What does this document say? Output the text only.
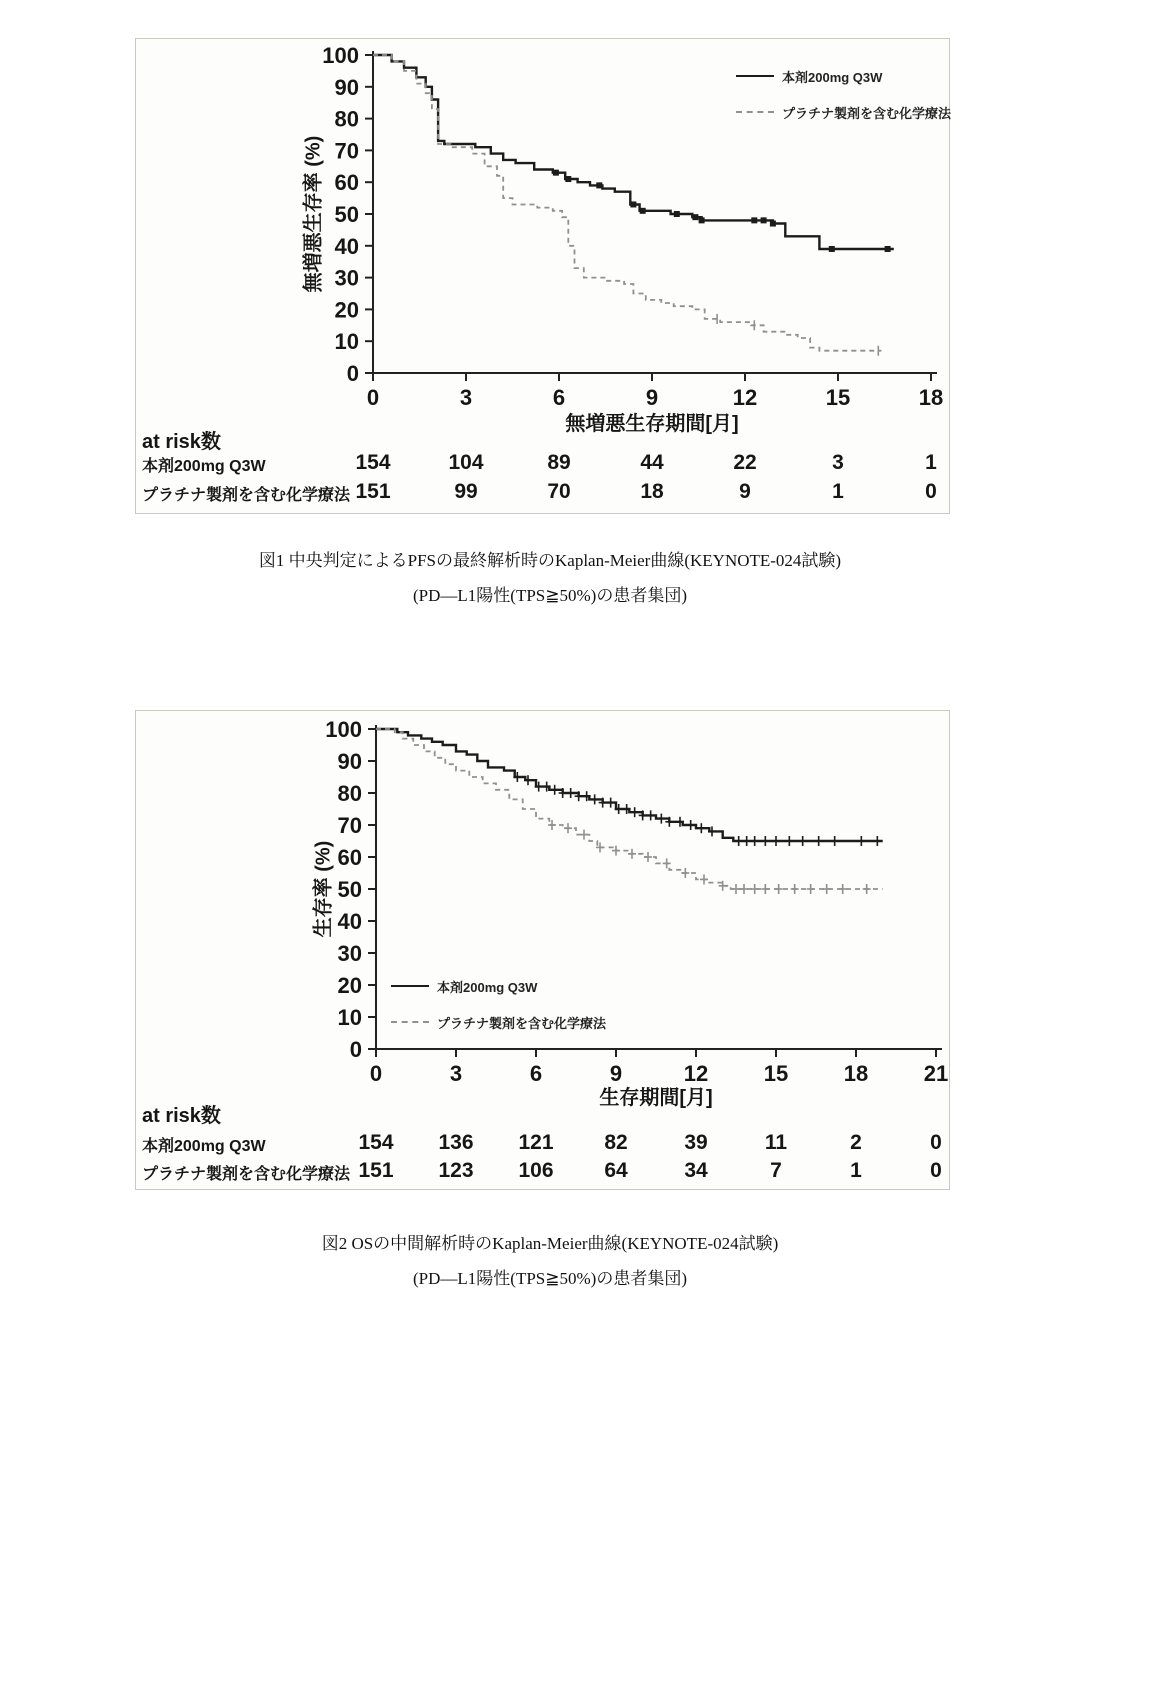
0
10
20
30
40
50
60
70
80
90
100
0	3	6	9	12	15	18
無増悪生存率 (%)
無増悪生存期間[月]
本剤200mg Q3W
プラチナ製剤を含む化学療法
at risk数
本剤200mg Q3W	154	104	89	44	22	3	1
プラチナ製剤を含む化学療法 151	99	70	18	9	1	0
図1 中央判定によるPFSの最終解析時のKaplan-Meier曲線(KEYNOTE-024試験)
(PD—L1陽性(TPS≧50%)の患者集団)
0
10
20
30
40
50
60
70
80
90
100
0	3	6	9	12	15	18	21
生存率 (%)
生存期間[月]
本剤200mg Q3W
プラチナ製剤を含む化学療法
at risk数
本剤200mg Q3W	154 136 121 82	39	11	2	0
プラチナ製剤を含む化学療法 151 123 106 64	34	7	1	0
図2 OSの中間解析時のKaplan-Meier曲線(KEYNOTE-024試験)
(PD—L1陽性(TPS≧50%)の患者集団)
